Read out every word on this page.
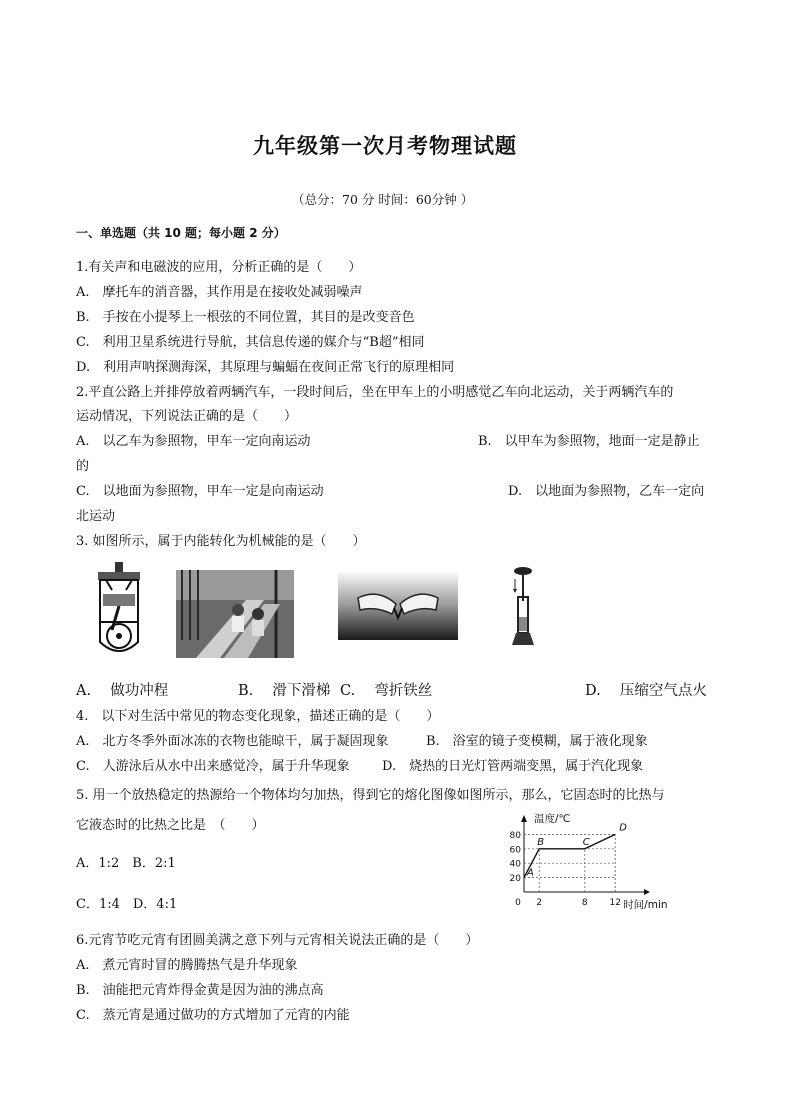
九年级第一次月考物理试题
（总分：70 分 时间：60分钟 ）
一、单选题（共 10 题；每小题 2 分）
1.有关声和电磁波的应用，分析正确的是（　　）
A.　摩托车的消音器，其作用是在接收处减弱噪声
B.　手按在小提琴上一根弦的不同位置，其目的是改变音色
C.　利用卫星系统进行导航，其信息传递的媒介与“B超”相同
D.　利用声呐探测海深，其原理与蝙蝠在夜间正常飞行的原理相同
2.平直公路上并排停放着两辆汽车，一段时间后，坐在甲车上的小明感觉乙车向北运动，关于两辆汽车的
运动情况，下列说法正确的是（　　）
A.　以乙车为参照物，甲车一定向南运动	B.　以甲车为参照物，地面一定是静止
的
C.　以地面为参照物，甲车一定是向南运动	D.　以地面为参照物，乙车一定向
北运动
3. 如图所示，属于内能转化为机械能的是（　　）
A.　 做功冲程	B.　 滑下滑梯 C.　 弯折铁丝	D.　 压缩空气点火
4.　以下对生活中常见的物态变化现象，描述正确的是（　　）
A.　北方冬季外面冰冻的衣物也能晾干，属于凝固现象	B.　浴室的镜子变模糊，属于液化现象
C.　人游泳后从水中出来感觉冷，属于升华现象 D.　烧热的日光灯管两端变黑，属于汽化现象
5. 用一个放热稳定的热源给一个物体均匀加热，得到它的熔化图像如图所示，那么，它固态时的比热与
它液态时的比热之比是　（　　）
A．1:2　B．2:1
C．1:4　D．4:1
20
40
60
80
0 2	8 12
A
B	C
D
温度/℃
时间/min
6.元宵节吃元宵有团圆美满之意下列与元宵相关说法正确的是（　　）
A.　煮元宵时冒的腾腾热气是升华现象
B.　油能把元宵炸得金黄是因为油的沸点高
C.　蒸元宵是通过做功的方式增加了元宵的内能
